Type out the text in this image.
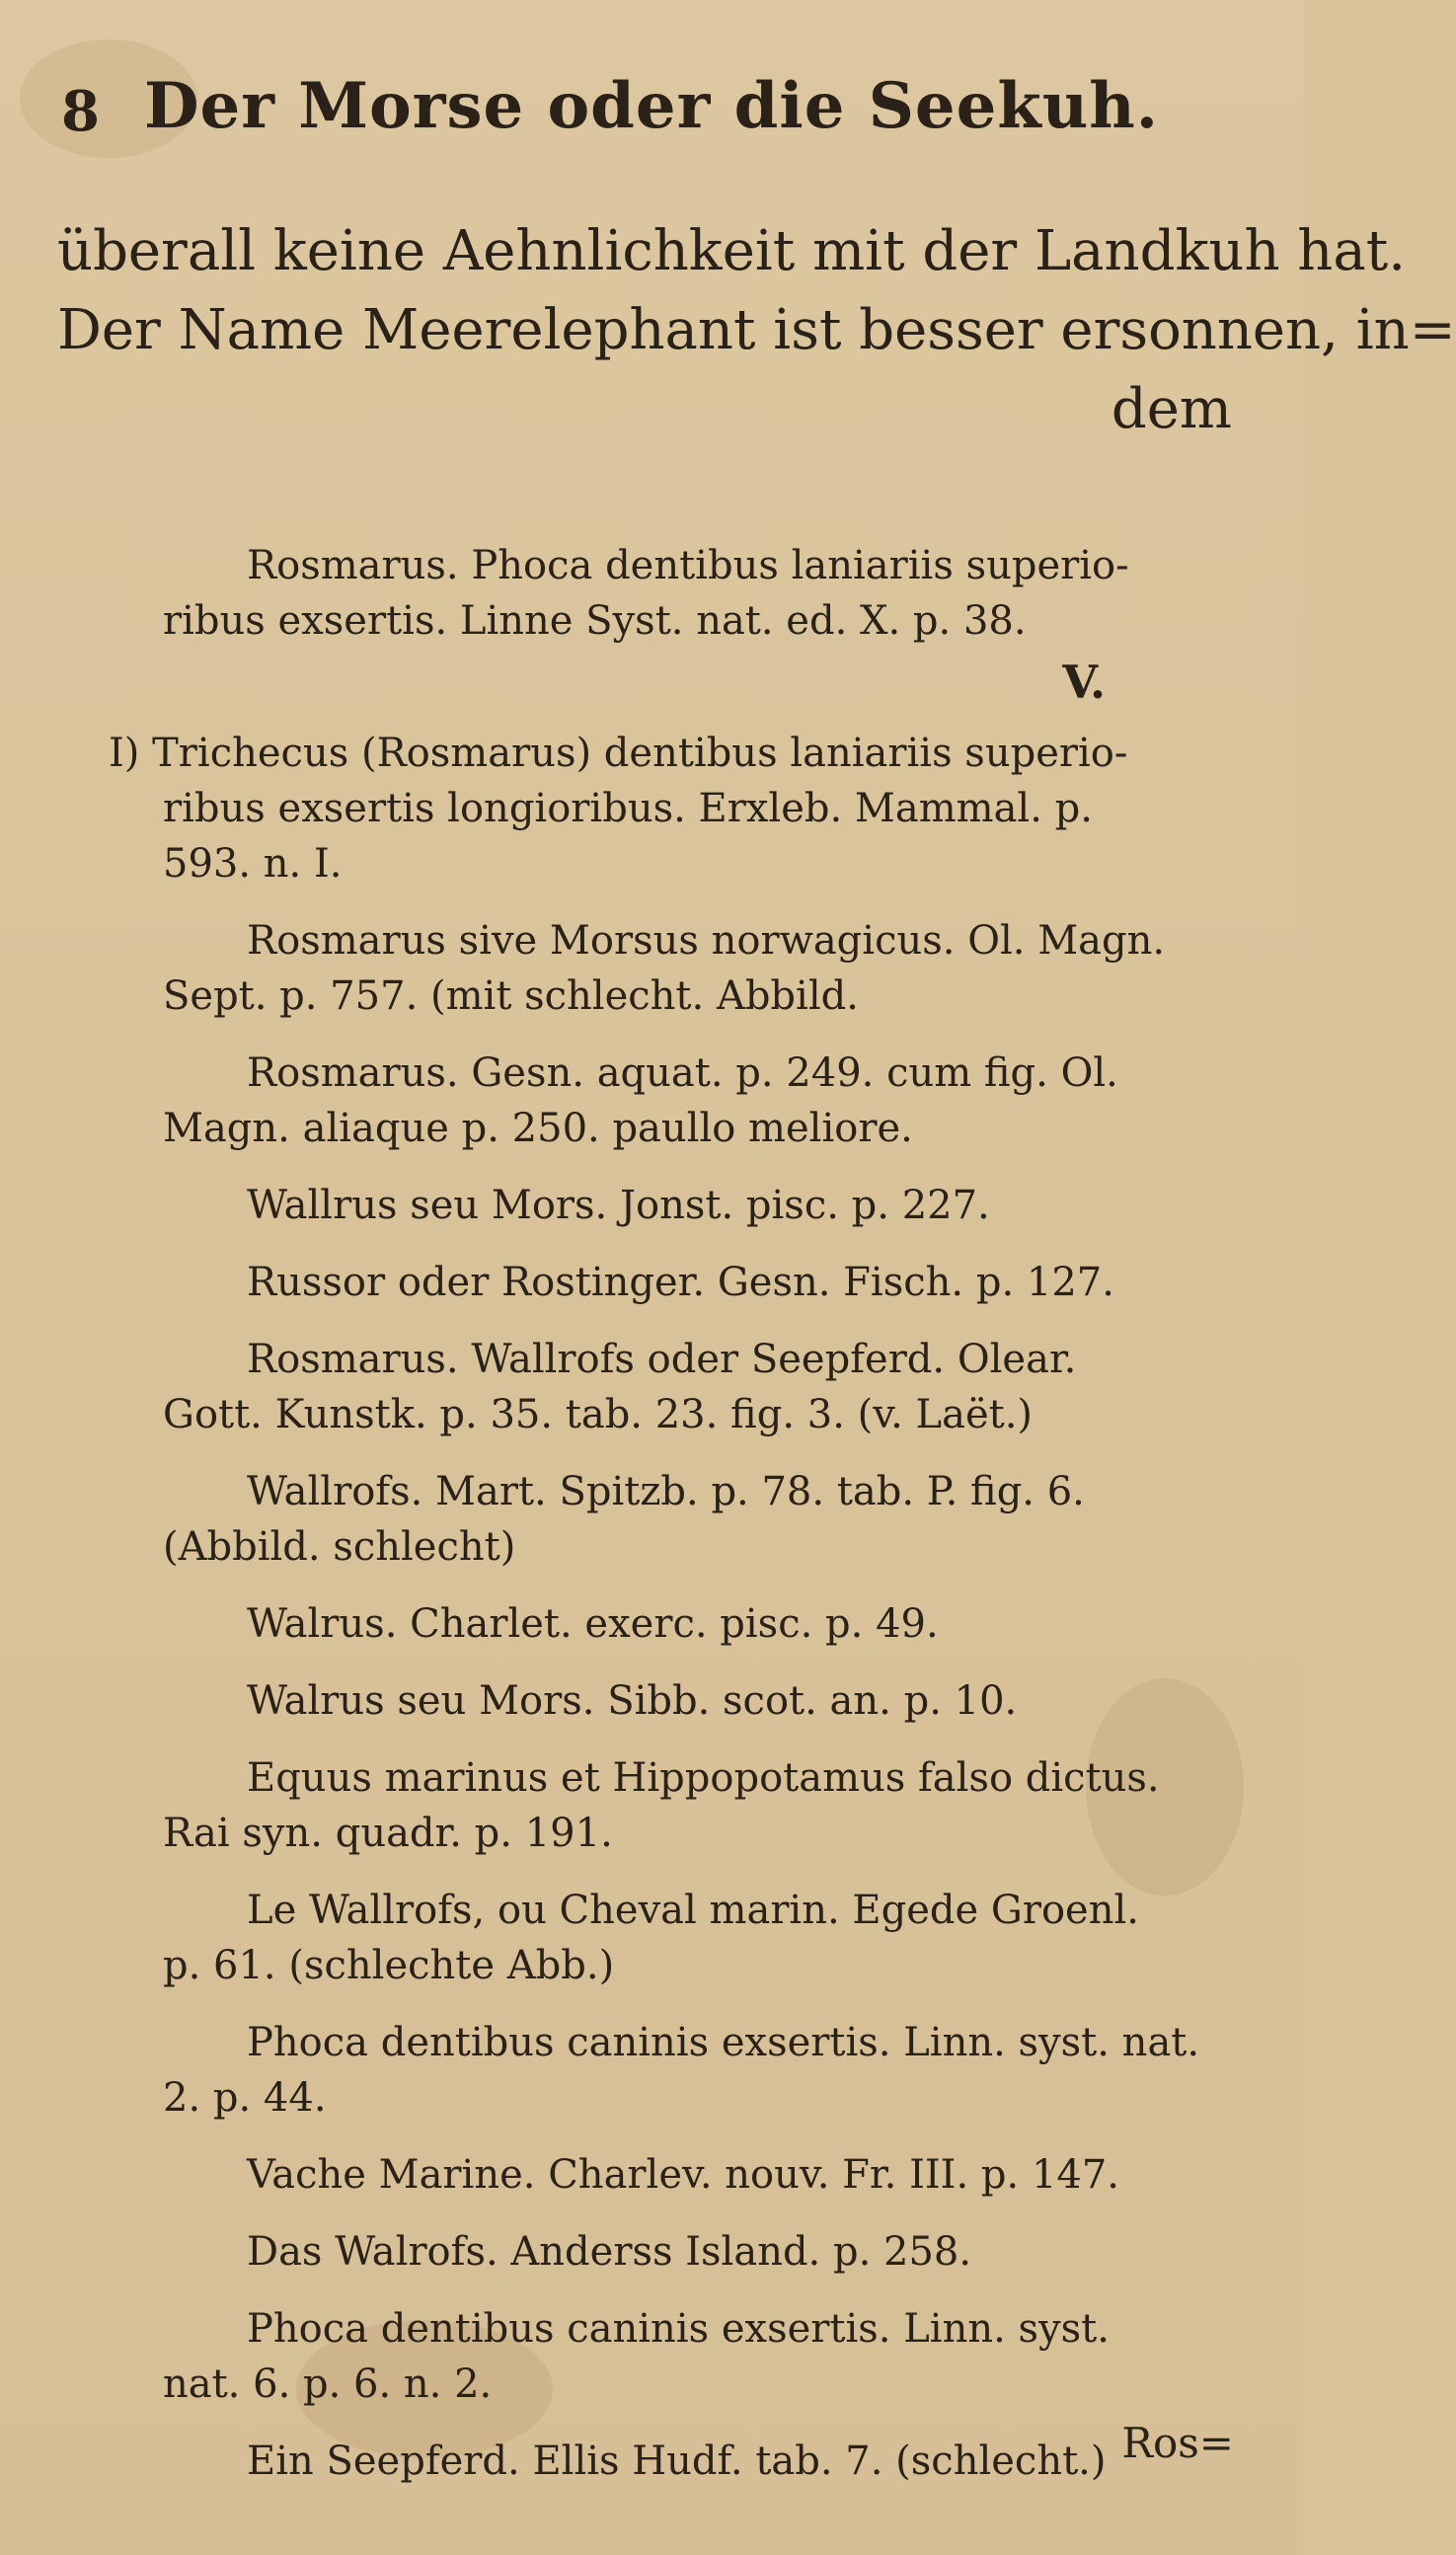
8 Der Morse oder die Seekuh.
überall keine Aehnlichkeit mit der Landkuh hat.
Der Name Meerelephant ist besser ersonnen, in=
dem
Rosmarus. Phoca dentibus laniariis superio-
ribus exsertis. Linne Syst. nat. ed. X. p. 38.
V.
I) Trichecus (Rosmarus) dentibus laniariis superio-
ribus exsertis longioribus. Erxleb. Mammal. p.
593. n. I.
Rosmarus sive Morsus norwagicus. Ol. Magn.
Sept. p. 757. (mit schlecht. Abbild.
Rosmarus. Gesn. aquat. p. 249. cum fig. Ol.
Magn. aliaque p. 250. paullo meliore.
Wallrus seu Mors. Jonst. pisc. p. 227.
Russor oder Rostinger. Gesn. Fisch. p. 127.
Rosmarus. Wallrofs oder Seepferd. Olear.
Gott. Kunstk. p. 35. tab. 23. fig. 3. (v. Laët.)
Wallrofs. Mart. Spitzb. p. 78. tab. P. fig. 6.
(Abbild. schlecht)
Walrus. Charlet. exerc. pisc. p. 49.
Walrus seu Mors. Sibb. scot. an. p. 10.
Equus marinus et Hippopotamus falso dictus.
Rai syn. quadr. p. 191.
Le Wallrofs, ou Cheval marin. Egede Groenl.
p. 61. (schlechte Abb.)
Phoca dentibus caninis exsertis. Linn. syst. nat.
2. p. 44.
Vache Marine. Charlev. nouv. Fr. III. p. 147.
Das Walrofs. Anderss Island. p. 258.
Phoca dentibus caninis exsertis. Linn. syst.
nat. 6. p. 6. n. 2.
Ein Seepferd. Ellis Hudf. tab. 7. (schlecht.) Ros=
